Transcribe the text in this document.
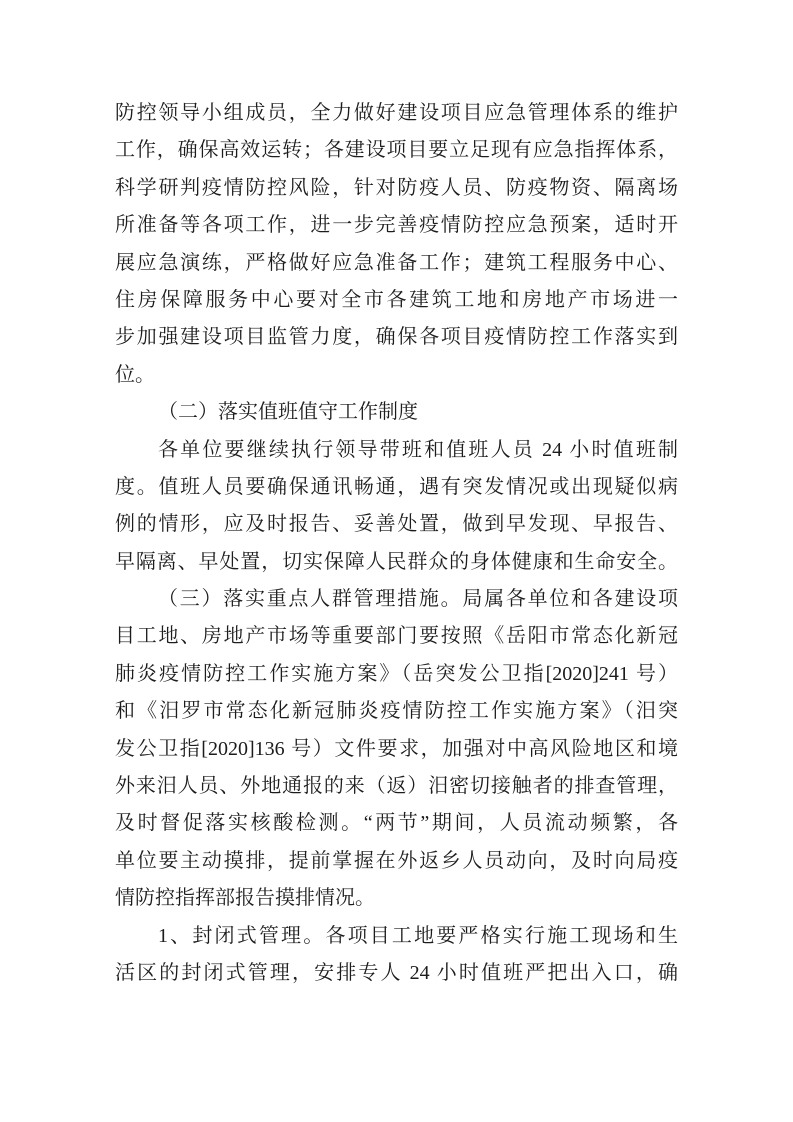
防控领导小组成员，全力做好建设项目应急管理体系的维护
工作，确保高效运转；各建设项目要立足现有应急指挥体系，
科学研判疫情防控风险，针对防疫人员、防疫物资、隔离场
所准备等各项工作，进一步完善疫情防控应急预案，适时开
展应急演练，严格做好应急准备工作；建筑工程服务中心、
住房保障服务中心要对全市各建筑工地和房地产市场进一
步加强建设项目监管力度，确保各项目疫情防控工作落实到
位。
（二）落实值班值守工作制度
各单位要继续执行领导带班和值班人员 24 小时值班制
度。值班人员要确保通讯畅通，遇有突发情况或出现疑似病
例的情形，应及时报告、妥善处置，做到早发现、早报告、
早隔离、早处置，切实保障人民群众的身体健康和生命安全。
（三）落实重点人群管理措施。局属各单位和各建设项
目工地、房地产市场等重要部门要按照《岳阳市常态化新冠
肺炎疫情防控工作实施方案》（岳突发公卫指[2020]241 号）
和《汨罗市常态化新冠肺炎疫情防控工作实施方案》（汨突
发公卫指[2020]136 号）文件要求，加强对中高风险地区和境
外来汨人员、外地通报的来（返）汨密切接触者的排查管理，
及时督促落实核酸检测。“两节”期间，人员流动频繁，各
单位要主动摸排，提前掌握在外返乡人员动向，及时向局疫
情防控指挥部报告摸排情况。
1、封闭式管理。各项目工地要严格实行施工现场和生
活区的封闭式管理，安排专人 24 小时值班严把出入口，确
